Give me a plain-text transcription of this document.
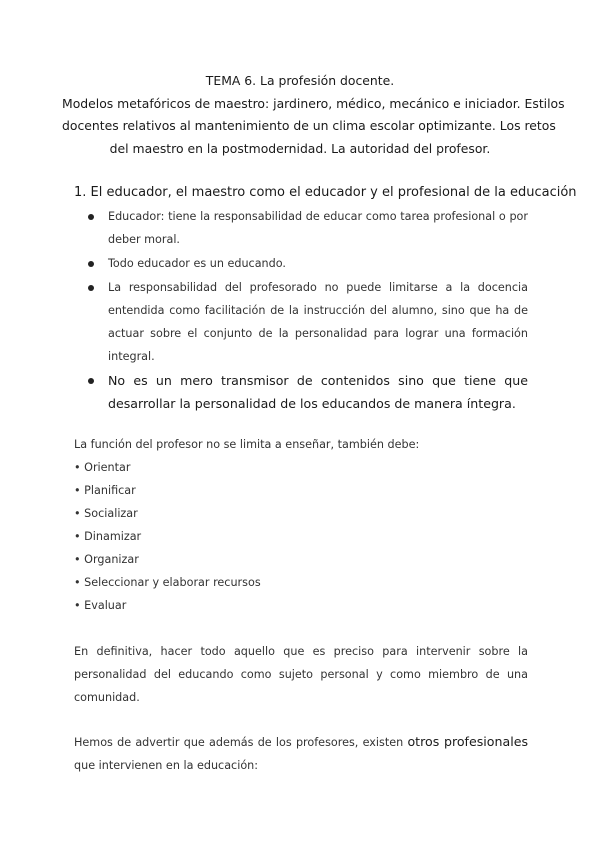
TEMA 6. La profesión docente.
Modelos metafóricos de maestro: jardinero, médico, mecánico e iniciador. Estilos
docentes relativos al mantenimiento de un clima escolar optimizante. Los retos
del maestro en la postmodernidad. La autoridad del profesor.
1. El educador, el maestro como el educador y el profesional de la educación
Educador: tiene la responsabilidad de educar como tarea profesional o por deber moral.
Todo educador es un educando.
La responsabilidad del profesorado no puede limitarse a la docencia entendida como facilitación de la instrucción del alumno, sino que ha de actuar sobre el conjunto de la personalidad para lograr una formación integral.
No es un mero transmisor de contenidos sino que tiene que desarrollar la personalidad de los educandos de manera íntegra.
La función del profesor no se limita a enseñar, también debe:
• Orientar
• Planificar
• Socializar
• Dinamizar
• Organizar
• Seleccionar y elaborar recursos
• Evaluar
En definitiva, hacer todo aquello que es preciso para intervenir sobre la personalidad del educando como sujeto personal y como miembro de una comunidad.
Hemos de advertir que además de los profesores, existen otros profesionales que intervienen en la educación:
